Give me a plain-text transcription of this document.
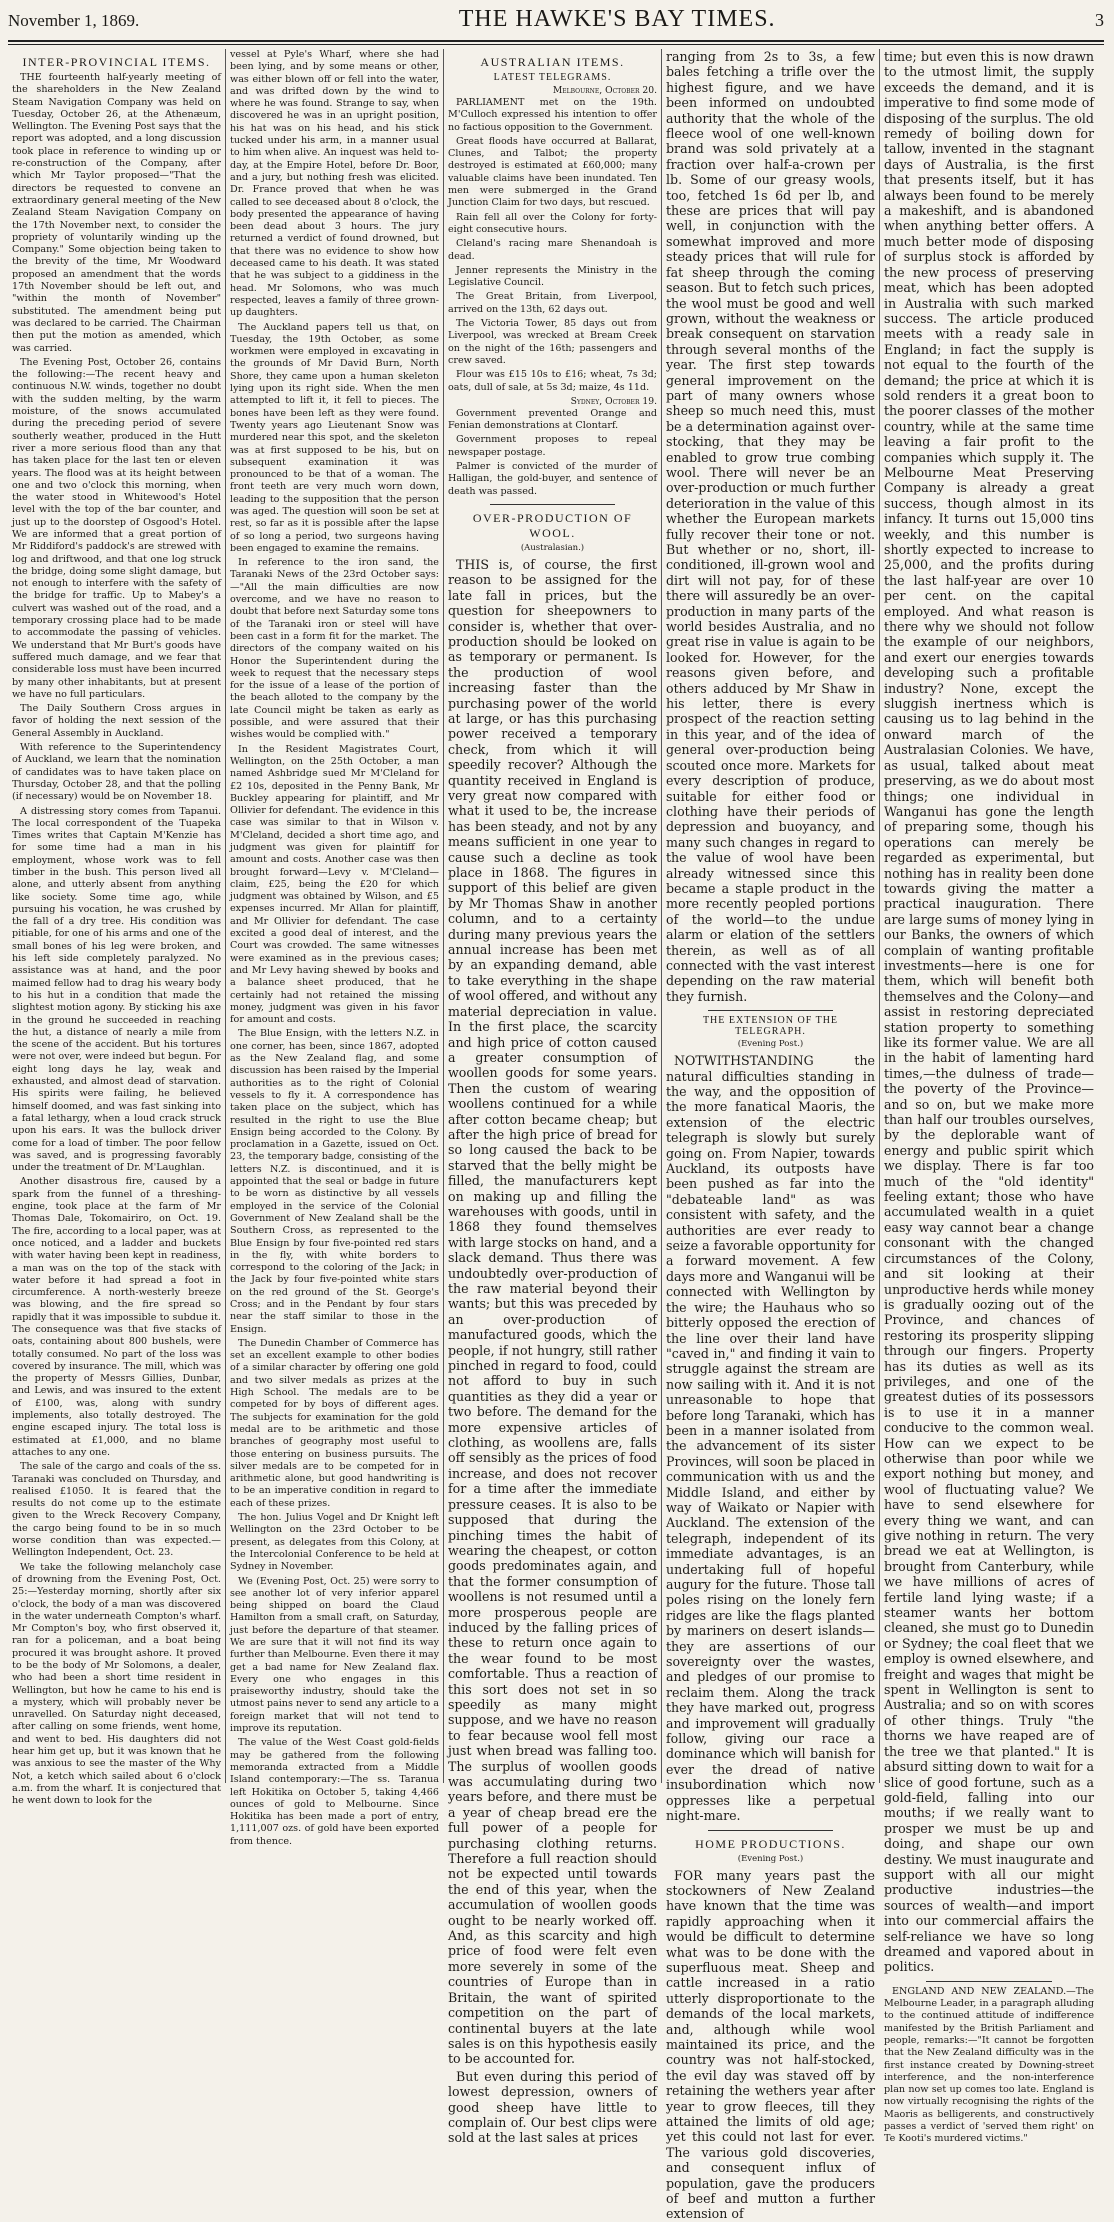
November 1, 1869.	THE HAWKE'S BAY TIMES.	3
INTER-PROVINCIAL ITEMS.

THE fourteenth half-yearly meeting of the shareholders in the New Zealand Steam Navigation Company was held on Tuesday, October 26, at the Athenæum, Wellington. The Evening Post says that the report was adopted, and a long discussion took place in reference to winding up or re-construction of the Company, after which Mr Taylor proposed—"That the directors be requested to convene an extraordinary general meeting of the New Zealand Steam Navigation Company on the 17th November next, to consider the propriety of voluntarily winding up the Company." Some objection being taken to the brevity of the time, Mr Woodward proposed an amendment that the words 17th November should be left out, and "within the month of November" substituted. The amendment being put was declared to be carried. The Chairman then put the motion as amended, which was carried.

The Evening Post, October 26, contains the following:—The recent heavy and continuous N.W. winds, together no doubt with the sudden melting, by the warm moisture, of the snows accumulated during the preceding period of severe southerly weather, produced in the Hutt river a more serious flood than any that has taken place for the last ten or eleven years. The flood was at its height between one and two o'clock this morning, when the water stood in Whitewood's Hotel level with the top of the bar counter, and just up to the doorstep of Osgood's Hotel. We are informed that a great portion of Mr Riddiford's paddock's are strewed with log and driftwood, and that one log struck the bridge, doing some slight damage, but not enough to interfere with the safety of the bridge for traffic. Up to Mabey's a culvert was washed out of the road, and a temporary crossing place had to be made to accommodate the passing of vehicles. We understand that Mr Burt's goods have suffered much damage, and we fear that considerable loss must have been incurred by many other inhabitants, but at present we have no full particulars.

The Daily Southern Cross argues in favor of holding the next session of the General Assembly in Auckland.

With reference to the Superintendency of Auckland, we learn that the nomination of candidates was to have taken place on Thursday, October 28, and that the polling (if necessary) would be on November 18.

A distressing story comes from Tapanui. The local correspondent of the Tuapeka Times writes that Captain M'Kenzie has for some time had a man in his employment, whose work was to fell timber in the bush. This person lived all alone, and utterly absent from anything like society. Some time ago, while pursuing his vocation, he was crushed by the fall of a dry tree. His condition was pitiable, for one of his arms and one of the small bones of his leg were broken, and his left side completely paralyzed. No assistance was at hand, and the poor maimed fellow had to drag his weary body to his hut in a condition that made the slightest motion agony. By sticking his axe in the ground he succeeded in reaching the hut, a distance of nearly a mile from the scene of the accident. But his tortures were not over, were indeed but begun. For eight long days he lay, weak and exhausted, and almost dead of starvation. His spirits were failing, he believed himself doomed, and was fast sinking into a fatal lethargy, when a loud crack struck upon his ears. It was the bullock driver come for a load of timber. The poor fellow was saved, and is progressing favorably under the treatment of Dr. M'Laughlan.

Another disastrous fire, caused by a spark from the funnel of a threshing-engine, took place at the farm of Mr Thomas Dale, Tokomairiro, on Oct. 19. The fire, according to a local paper, was at once noticed, and a ladder and buckets with water having been kept in readiness, a man was on the top of the stack with water before it had spread a foot in circumference. A north-westerly breeze was blowing, and the fire spread so rapidly that it was impossible to subdue it. The consequence was that five stacks of oats, containing about 800 bushels, were totally consumed. No part of the loss was covered by insurance. The mill, which was the property of Messrs Gillies, Dunbar, and Lewis, and was insured to the extent of £100, was, along with sundry implements, also totally destroyed. The engine escaped injury. The total loss is estimated at £1,000, and no blame attaches to any one.

The sale of the cargo and coals of the ss. Taranaki was concluded on Thursday, and realised £1050. It is feared that the results do not come up to the estimate given to the Wreck Recovery Company, the cargo being found to be in so much worse condition than was expected.—Wellington Independent, Oct. 23.

We take the following melancholy case of drowning from the Evening Post, Oct. 25:—Yesterday morning, shortly after six o'clock, the body of a man was discovered in the water underneath Compton's wharf. Mr Compton's boy, who first observed it, ran for a policeman, and a boat being procured it was brought ashore. It proved to be the body of Mr Solomons, a dealer, who had been a short time resident in Wellington, but how he came to his end is a mystery, which will probably never be unravelled. On Saturday night deceased, after calling on some friends, went home, and went to bed. His daughters did not hear him get up, but it was known that he was anxious to see the master of the Why Not, a ketch which sailed about 6 o'clock a.m. from the wharf. It is conjectured that he went down to look for the

vessel at Pyle's Wharf, where she had been lying, and by some means or other, was either blown off or fell into the water, and was drifted down by the wind to where he was found. Strange to say, when discovered he was in an upright position, his hat was on his head, and his stick tucked under his arm, in a manner usual to him when alive. An inquest was held to-day, at the Empire Hotel, before Dr. Boor, and a jury, but nothing fresh was elicited. Dr. France proved that when he was called to see deceased about 8 o'clock, the body presented the appearance of having been dead about 3 hours. The jury returned a verdict of found drowned, but that there was no evidence to show how deceased came to his death. It was stated that he was subject to a giddiness in the head. Mr Solomons, who was much respected, leaves a family of three grown-up daughters.

The Auckland papers tell us that, on Tuesday, the 19th October, as some workmen were employed in excavating in the grounds of Mr David Burn, North Shore, they came upon a human skeleton lying upon its right side. When the men attempted to lift it, it fell to pieces. The bones have been left as they were found. Twenty years ago Lieutenant Snow was murdered near this spot, and the skeleton was at first supposed to be his, but on subsequent examination it was pronounced to be that of a woman. The front teeth are very much worn down, leading to the supposition that the person was aged. The question will soon be set at rest, so far as it is possible after the lapse of so long a period, two surgeons having been engaged to examine the remains.

In reference to the iron sand, the Taranaki News of the 23rd October says:—"All the main difficulties are now overcome, and we have no reason to doubt that before next Saturday some tons of the Taranaki iron or steel will have been cast in a form fit for the market. The directors of the company waited on his Honor the Superintendent during the week to request that the necessary steps for the issue of a lease of the portion of the beach alloted to the company by the late Council might be taken as early as possible, and were assured that their wishes would be complied with."

In the Resident Magistrates Court, Wellington, on the 25th October, a man named Ashbridge sued Mr M'Cleland for £2 10s, deposited in the Penny Bank, Mr Buckley appearing for plaintiff, and Mr Ollivier for defendant. The evidence in this case was similar to that in Wilson v. M'Cleland, decided a short time ago, and judgment was given for plaintiff for amount and costs. Another case was then brought forward—Levy v. M'Cleland—claim, £25, being the £20 for which judgment was obtained by Wilson, and £5 expenses incurred. Mr Allan for plaintiff, and Mr Ollivier for defendant. The case excited a good deal of interest, and the Court was crowded. The same witnesses were examined as in the previous cases; and Mr Levy having shewed by books and a balance sheet produced, that he certainly had not retained the missing money, judgment was given in his favor for amount and costs.

The Blue Ensign, with the letters N.Z. in one corner, has been, since 1867, adopted as the New Zealand flag, and some discussion has been raised by the Imperial authorities as to the right of Colonial vessels to fly it. A correspondence has taken place on the subject, which has resulted in the right to use the Blue Ensign being accorded to the Colony. By proclamation in a Gazette, issued on Oct. 23, the temporary badge, consisting of the letters N.Z. is discontinued, and it is appointed that the seal or badge in future to be worn as distinctive by all vessels employed in the service of the Colonial Government of New Zealand shall be the Southern Cross, as represented to the Blue Ensign by four five-pointed red stars in the fly, with white borders to correspond to the coloring of the Jack; in the Jack by four five-pointed white stars on the red ground of the St. George's Cross; and in the Pendant by four stars near the staff similar to those in the Ensign.

The Dunedin Chamber of Commerce has set an excellent example to other bodies of a similar character by offering one gold and two silver medals as prizes at the High School. The medals are to be competed for by boys of different ages. The subjects for examination for the gold medal are to be arithmetic and those branches of geography most useful to those entering on business pursuits. The silver medals are to be competed for in arithmetic alone, but good handwriting is to be an imperative condition in regard to each of these prizes.

The hon. Julius Vogel and Dr Knight left Wellington on the 23rd October to be present, as delegates from this Colony, at the Intercolonial Conference to be held at Sydney in November.

We (Evening Post, Oct. 25) were sorry to see another lot of very inferior apparel being shipped on board the Claud Hamilton from a small craft, on Saturday, just before the departure of that steamer. We are sure that it will not find its way further than Melbourne. Even there it may get a bad name for New Zealand flax. Every one who engages in this praiseworthy industry, should take the utmost pains never to send any article to a foreign market that will not tend to improve its reputation.

The value of the West Coast gold-fields may be gathered from the following memoranda extracted from a Middle Island contemporary:—The ss. Taranua left Hokitika on October 5, taking 4,466 ounces of gold to Melbourne. Since Hokitika has been made a port of entry, 1,111,007 ozs. of gold have been exported from thence.

AUSTRALIAN ITEMS.
LATEST TELEGRAMS.
Melbourne, October 20.

PARLIAMENT met on the 19th. M'Culloch expressed his intention to offer no factious opposition to the Government.

Great floods have occurred at Ballarat, Clunes, and Talbot; the property destroyed is estimated at £60,000; many valuable claims have been inundated. Ten men were submerged in the Grand Junction Claim for two days, but rescued.

Rain fell all over the Colony for forty-eight consecutive hours.

Cleland's racing mare Shenandoah is dead.

Jenner represents the Ministry in the Legislative Council.

The Great Britain, from Liverpool, arrived on the 13th, 62 days out.

The Victoria Tower, 85 days out from Liverpool, was wrecked at Bream Creek on the night of the 16th; passengers and crew saved.

Flour was £15 10s to £16; wheat, 7s 3d; oats, dull of sale, at 5s 3d; maize, 4s 11d.

Sydney, October 19.

Government prevented Orange and Fenian demonstrations at Clontarf.

Government proposes to repeal newspaper postage.

Palmer is convicted of the murder of Halligan, the gold-buyer, and sentence of death was passed.

OVER-PRODUCTION OF WOOL.
(Australasian.)

THIS is, of course, the first reason to be assigned for the late fall in prices, but the question for sheepowners to consider is, whether that over-production should be looked on as temporary or permanent. Is the production of wool increasing faster than the purchasing power of the world at large, or has this purchasing power received a temporary check, from which it will speedily recover? Although the quantity received in England is very great now compared with what it used to be, the increase has been steady, and not by any means sufficient in one year to cause such a decline as took place in 1868. The figures in support of this belief are given by Mr Thomas Shaw in another column, and to a certainty during many previous years the annual increase has been met by an expanding demand, able to take everything in the shape of wool offered, and without any material depreciation in value. In the first place, the scarcity and high price of cotton caused a greater consumption of woollen goods for some years. Then the custom of wearing woollens continued for a while after cotton became cheap; but after the high price of bread for so long caused the back to be starved that the belly might be filled, the manufacturers kept on making up and filling the warehouses with goods, until in 1868 they found themselves with large stocks on hand, and a slack demand. Thus there was undoubtedly over-production of the raw material beyond their wants; but this was preceded by an over-production of manufactured goods, which the people, if not hungry, still rather pinched in regard to food, could not afford to buy in such quantities as they did a year or two before. The demand for the more expensive articles of clothing, as woollens are, falls off sensibly as the prices of food increase, and does not recover for a time after the immediate pressure ceases. It is also to be supposed that during the pinching times the habit of wearing the cheapest, or cotton goods predominates again, and that the former consumption of woollens is not resumed until a more prosperous people are induced by the falling prices of these to return once again to the wear found to be most comfortable. Thus a reaction of this sort does not set in so speedily as many might suppose, and we have no reason to fear because wool fell most just when bread was falling too. The surplus of woollen goods was accumulating during two years before, and there must be a year of cheap bread ere the full power of a people for purchasing clothing returns. Therefore a full reaction should not be expected until towards the end of this year, when the accumulation of woollen goods ought to be nearly worked off. And, as this scarcity and high price of food were felt even more severely in some of the countries of Europe than in Britain, the want of spirited competition on the part of continental buyers at the late sales is on this hypothesis easily to be accounted for.

But even during this period of lowest depression, owners of good sheep have little to complain of. Our best clips were sold at the last sales at prices

ranging from 2s to 3s, a few bales fetching a trifle over the highest figure, and we have been informed on undoubted authority that the whole of the fleece wool of one well-known brand was sold privately at a fraction over half-a-crown per lb. Some of our greasy wools, too, fetched 1s 6d per lb, and these are prices that will pay well, in conjunction with the somewhat improved and more steady prices that will rule for fat sheep through the coming season. But to fetch such prices, the wool must be good and well grown, without the weakness or break consequent on starvation through several months of the year. The first step towards general improvement on the part of many owners whose sheep so much need this, must be a determination against over-stocking, that they may be enabled to grow true combing wool. There will never be an over-production or much further deterioration in the value of this whether the European markets fully recover their tone or not. But whether or no, short, ill-conditioned, ill-grown wool and dirt will not pay, for of these there will assuredly be an over-production in many parts of the world besides Australia, and no great rise in value is again to be looked for. However, for the reasons given before, and others adduced by Mr Shaw in his letter, there is every prospect of the reaction setting in this year, and of the idea of general over-production being scouted once more. Markets for every description of produce, suitable for either food or clothing have their periods of depression and buoyancy, and many such changes in regard to the value of wool have been already witnessed since this became a staple product in the more recently peopled portions of the world—to the undue alarm or elation of the settlers therein, as well as of all connected with the vast interest depending on the raw material they furnish.

THE EXTENSION OF THE TELEGRAPH.
(Evening Post.)

NOTWITHSTANDING the natural difficulties standing in the way, and the opposition of the more fanatical Maoris, the extension of the electric telegraph is slowly but surely going on. From Napier, towards Auckland, its outposts have been pushed as far into the "debateable land" as was consistent with safety, and the authorities are ever ready to seize a favorable opportunity for a forward movement. A few days more and Wanganui will be connected with Wellington by the wire; the Hauhaus who so bitterly opposed the erection of the line over their land have "caved in," and finding it vain to struggle against the stream are now sailing with it. And it is not unreasonable to hope that before long Taranaki, which has been in a manner isolated from the advancement of its sister Provinces, will soon be placed in communication with us and the Middle Island, and either by way of Waikato or Napier with Auckland. The extension of the telegraph, independent of its immediate advantages, is an undertaking full of hopeful augury for the future. Those tall poles rising on the lonely fern ridges are like the flags planted by mariners on desert islands—they are assertions of our sovereignty over the wastes, and pledges of our promise to reclaim them. Along the track they have marked out, progress and improvement will gradually follow, giving our race a dominance which will banish for ever the dread of native insubordination which now oppresses like a perpetual night-mare.

HOME PRODUCTIONS.
(Evening Post.)

FOR many years past the stockowners of New Zealand have known that the time was rapidly approaching when it would be difficult to determine what was to be done with the superfluous meat. Sheep and cattle increased in a ratio utterly disproportionate to the demands of the local markets, and, although while wool maintained its price, and the country was not half-stocked, the evil day was staved off by retaining the wethers year after year to grow fleeces, till they attained the limits of old age; yet this could not last for ever. The various gold discoveries, and consequent influx of population, gave the producers of beef and mutton a further extension of

time; but even this is now drawn to the utmost limit, the supply exceeds the demand, and it is imperative to find some mode of disposing of the surplus. The old remedy of boiling down for tallow, invented in the stagnant days of Australia, is the first that presents itself, but it has always been found to be merely a makeshift, and is abandoned when anything better offers. A much better mode of disposing of surplus stock is afforded by the new process of preserving meat, which has been adopted in Australia with such marked success. The article produced meets with a ready sale in England; in fact the supply is not equal to the fourth of the demand; the price at which it is sold renders it a great boon to the poorer classes of the mother country, while at the same time leaving a fair profit to the companies which supply it. The Melbourne Meat Preserving Company is already a great success, though almost in its infancy. It turns out 15,000 tins weekly, and this number is shortly expected to increase to 25,000, and the profits during the last half-year are over 10 per cent. on the capital employed. And what reason is there why we should not follow the example of our neighbors, and exert our energies towards developing such a profitable industry? None, except the sluggish inertness which is causing us to lag behind in the onward march of the Australasian Colonies. We have, as usual, talked about meat preserving, as we do about most things; one individual in Wanganui has gone the length of preparing some, though his operations can merely be regarded as experimental, but nothing has in reality been done towards giving the matter a practical inauguration. There are large sums of money lying in our Banks, the owners of which complain of wanting profitable investments—here is one for them, which will benefit both themselves and the Colony—and assist in restoring depreciated station property to something like its former value. We are all in the habit of lamenting hard times,—the dulness of trade—the poverty of the Province—and so on, but we make more than half our troubles ourselves, by the deplorable want of energy and public spirit which we display. There is far too much of the "old identity" feeling extant; those who have accumulated wealth in a quiet easy way cannot bear a change consonant with the changed circumstances of the Colony, and sit looking at their unproductive herds while money is gradually oozing out of the Province, and chances of restoring its prosperity slipping through our fingers. Property has its duties as well as its privileges, and one of the greatest duties of its possessors is to use it in a manner conducive to the common weal. How can we expect to be otherwise than poor while we export nothing but money, and wool of fluctuating value? We have to send elsewhere for every thing we want, and can give nothing in return. The very bread we eat at Wellington, is brought from Canterbury, while we have millions of acres of fertile land lying waste; if a steamer wants her bottom cleaned, she must go to Dunedin or Sydney; the coal fleet that we employ is owned elsewhere, and freight and wages that might be spent in Wellington is sent to Australia; and so on with scores of other things. Truly "the thorns we have reaped are of the tree we that planted." It is absurd sitting down to wait for a slice of good fortune, such as a gold-field, falling into our mouths; if we really want to prosper we must be up and doing, and shape our own destiny. We must inaugurate and support with all our might productive industries—the sources of wealth—and import into our commercial affairs the self-reliance we have so long dreamed and vapored about in politics.

ENGLAND AND NEW ZEALAND.—The Melbourne Leader, in a paragraph alluding to the continued attitude of indifference manifested by the British Parliament and people, remarks:—"It cannot be forgotten that the New Zealand difficulty was in the first instance created by Downing-street interference, and the non-interference plan now set up comes too late. England is now virtually recognising the rights of the Maoris as belligerents, and constructively passes a verdict of 'served them right' on Te Kooti's murdered victims."
